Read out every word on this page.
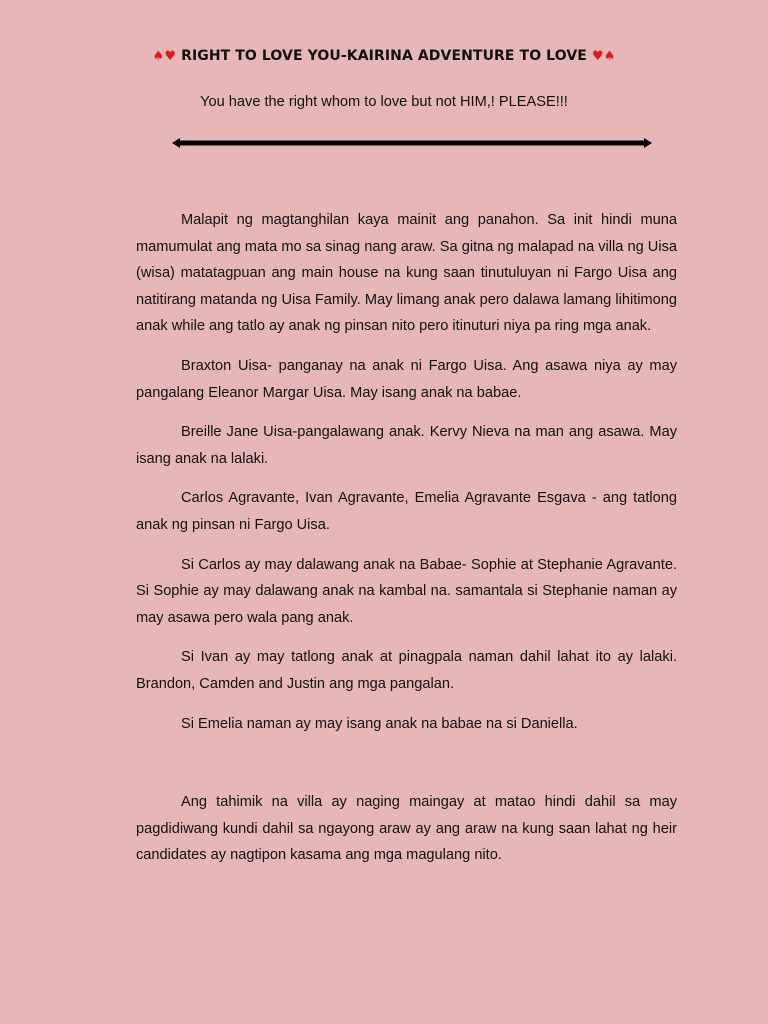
♠♥ RIGHT TO LOVE YOU-KAIRINA ADVENTURE TO LOVE ♥♠
You have the right whom to love but not HIM,! PLEASE!!!

Malapit ng magtanghilan kaya mainit ang panahon. Sa init hindi muna mamumulat ang mata mo sa sinag nang araw. Sa gitna ng malapad na villa ng Uisa (wisa) matatagpuan ang main house na kung saan tinutuluyan ni Fargo Uisa ang natitirang matanda ng Uisa Family. May limang anak pero dalawa lamang lihitimong anak while ang tatlo ay anak ng pinsan nito pero itinuturi niya pa ring mga anak.

Braxton Uisa- panganay na anak ni Fargo Uisa. Ang asawa niya ay may pangalang Eleanor Margar Uisa. May isang anak na babae.

Breille Jane Uisa-pangalawang anak. Kervy Nieva na man ang asawa. May isang anak na lalaki.

Carlos Agravante, Ivan Agravante, Emelia Agravante Esgava - ang tatlong anak ng pinsan ni Fargo Uisa.

Si Carlos ay may dalawang anak na Babae- Sophie at Stephanie Agravante. Si Sophie ay may dalawang anak na kambal na. samantala si Stephanie naman ay may asawa pero wala pang anak.

Si Ivan ay may tatlong anak at pinagpala naman dahil lahat ito ay lalaki. Brandon, Camden and Justin ang mga pangalan.

Si Emelia naman ay may isang anak na babae na si Daniella.

Ang tahimik na villa ay naging maingay at matao hindi dahil sa may pagdidiwang kundi dahil sa ngayong araw ay ang araw na kung saan lahat ng heir candidates ay nagtipon kasama ang mga magulang nito.
